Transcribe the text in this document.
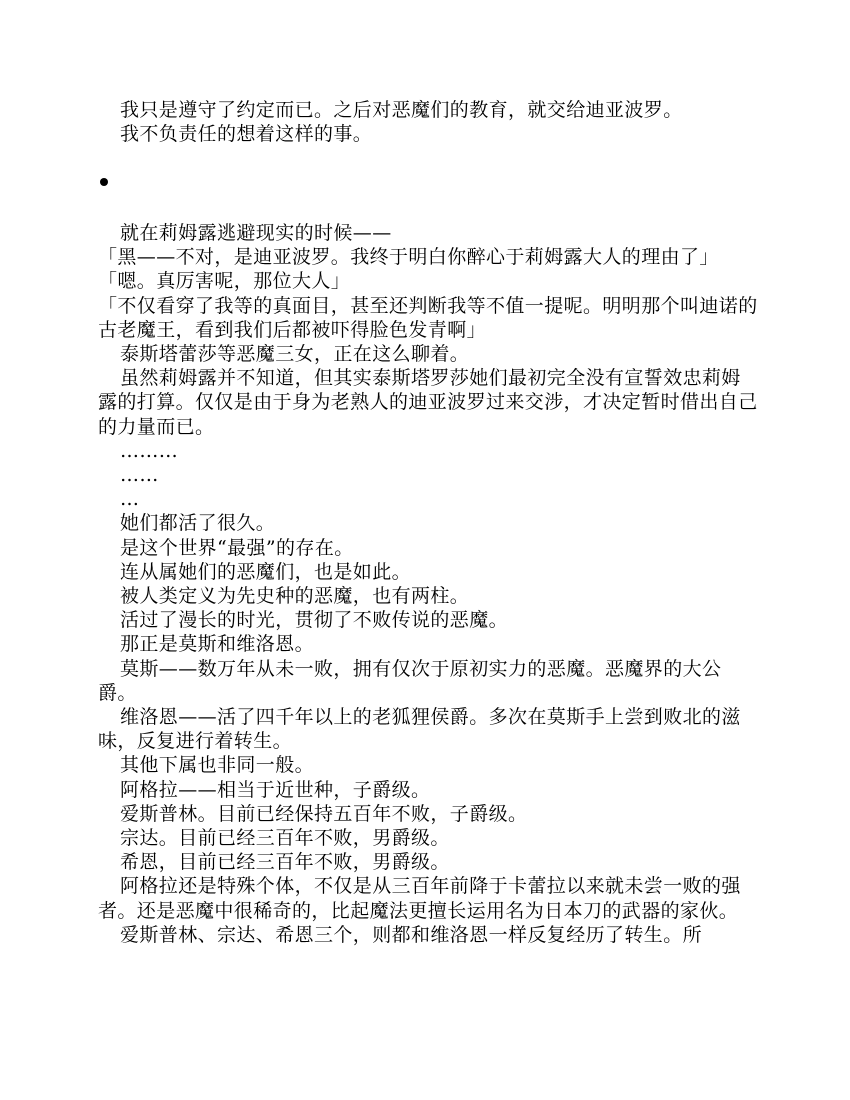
我只是遵守了约定而已。之后对恶魔们的教育，就交给迪亚波罗。

我不负责任的想着这样的事。

就在莉姆露逃避现实的时候——

「黑——不对，是迪亚波罗。我终于明白你醉心于莉姆露大人的理由了」

「嗯。真厉害呢，那位大人」

「不仅看穿了我等的真面目，甚至还判断我等不值一提呢。明明那个叫迪诺的古老魔王，看到我们后都被吓得脸色发青啊」

泰斯塔蕾莎等恶魔三女，正在这么聊着。

虽然莉姆露并不知道，但其实泰斯塔罗莎她们最初完全没有宣誓效忠莉姆露的打算。仅仅是由于身为老熟人的迪亚波罗过来交涉，才决定暂时借出自己的力量而已。

………

……

…

她们都活了很久。

是这个世界“最强”的存在。

连从属她们的恶魔们，也是如此。

被人类定义为先史种的恶魔，也有两柱。

活过了漫长的时光，贯彻了不败传说的恶魔。

那正是莫斯和维洛恩。

莫斯——数万年从未一败，拥有仅次于原初实力的恶魔。恶魔界的大公爵。

维洛恩——活了四千年以上的老狐狸侯爵。多次在莫斯手上尝到败北的滋味，反复进行着转生。

其他下属也非同一般。

阿格拉——相当于近世种，子爵级。

爱斯普林。目前已经保持五百年不败，子爵级。

宗达。目前已经三百年不败，男爵级。

希恩，目前已经三百年不败，男爵级。

阿格拉还是特殊个体，不仅是从三百年前降于卡蕾拉以来就未尝一败的强者。还是恶魔中很稀奇的，比起魔法更擅长运用名为日本刀的武器的家伙。

爱斯普林、宗达、希恩三个，则都和维洛恩一样反复经历了转生。所
